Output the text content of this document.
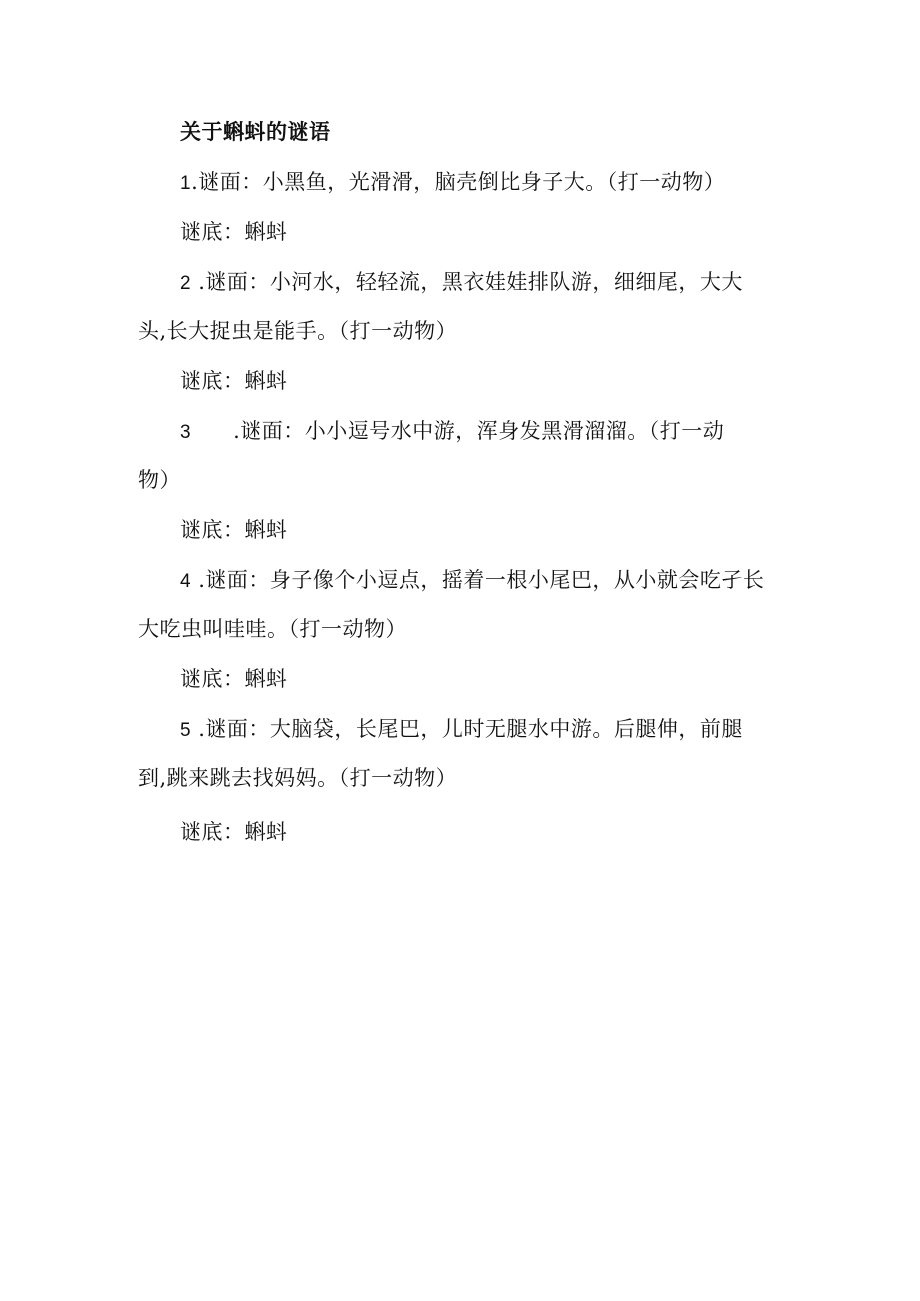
关于蝌蚪的谜语
1.谜面：小黑鱼，光滑滑，脑壳倒比身子大。（打一动物）
谜底：蝌蚪
2 .谜面：小河水，轻轻流，黑衣娃娃排队游，细细尾，大大
头,长大捉虫是能手。（打一动物）
谜底：蝌蚪
3 .谜面：小小逗号水中游，浑身发黑滑溜溜。（打一动
物）
谜底：蝌蚪
4 .谜面：身子像个小逗点，摇着一根小尾巴，从小就会吃孑长
大吃虫叫哇哇。（打一动物）
谜底：蝌蚪
5 .谜面：大脑袋，长尾巴，儿时无腿水中游。后腿伸，前腿
到,跳来跳去找妈妈。（打一动物）
谜底：蝌蚪
